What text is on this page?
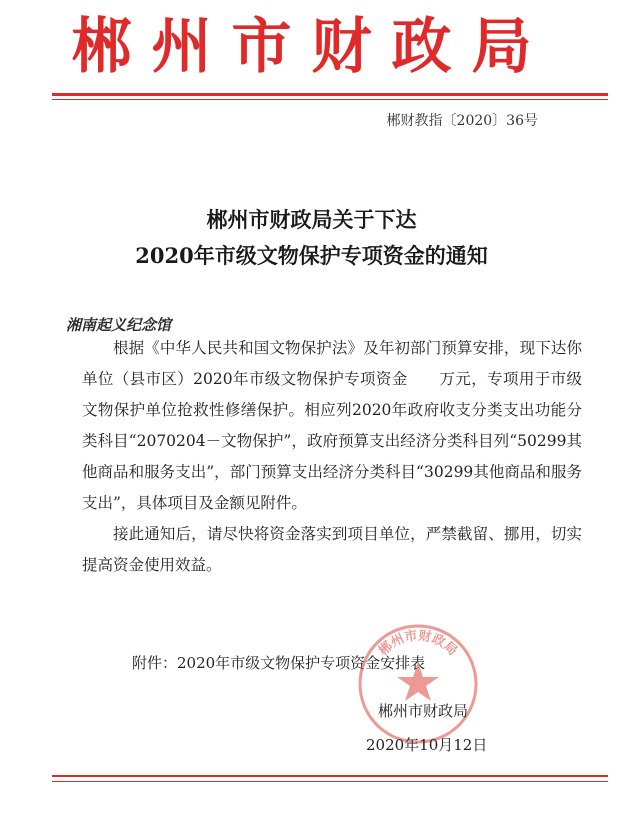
郴州市财政局
郴财教指〔2020〕36号
郴州市财政局关于下达
2020年市级文物保护专项资金的通知
湘南起义纪念馆

根据《中华人民共和国文物保护法》及年初部门预算安排，现下达你单位（县市区）2020年市级文物保护专项资金　　万元，专项用于市级文物保护单位抢救性修缮保护。相应列2020年政府收支分类支出功能分类科目“2070204－文物保护”，政府预算支出经济分类科目列“50299其他商品和服务支出”，部门预算支出经济分类科目“30299其他商品和服务支出”，具体项目及金额见附件。

接此通知后，请尽快将资金落实到项目单位，严禁截留、挪用，切实提高资金使用效益。

附件：2020年市级文物保护专项资金安排表
郴州市财政局
郴州市财政局
2020年10月12日
